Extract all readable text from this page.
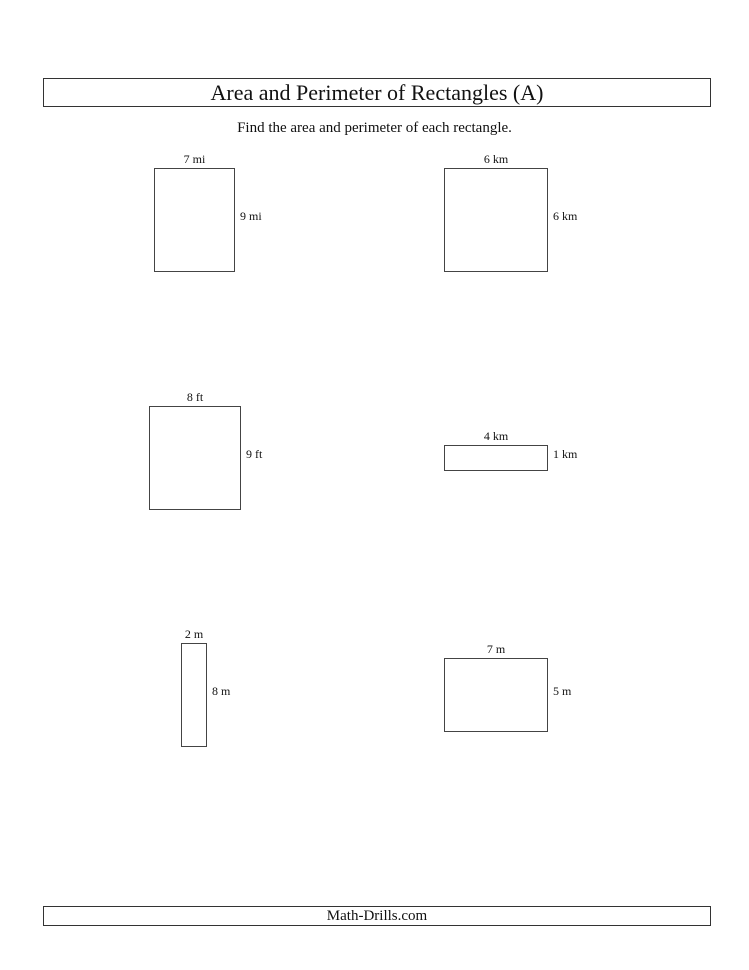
Area and Perimeter of Rectangles (A)
Find the area and perimeter of each rectangle.
7 mi
9 mi
6 km
6 km
8 ft
9 ft
4 km
1 km
2 m
8 m
7 m
5 m
Math-Drills.com
